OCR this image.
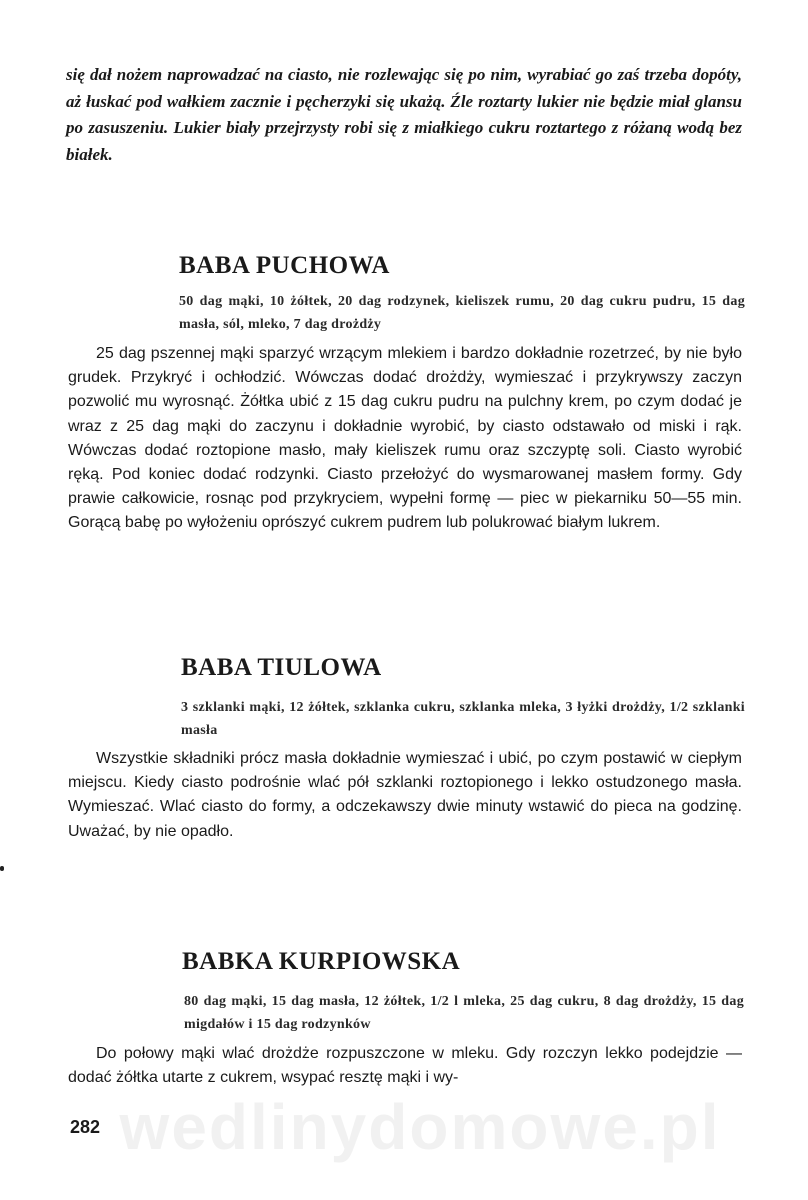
się dał nożem naprowadzać na ciasto, nie rozlewając się po nim, wyrabiać go zaś trzeba dopóty, aż łuskać pod wałkiem zacznie i pęcherzyki się ukażą. Źle roztarty lukier nie będzie miał glansu po zasuszeniu. Lukier biały przejrzysty robi się z miałkiego cukru roztartego z różaną wodą bez białek.
BABA PUCHOWA
50 dag mąki, 10 żółtek, 20 dag rodzynek, kieliszek rumu, 20 dag cukru pudru, 15 dag masła, sól, mleko, 7 dag drożdży

25 dag pszennej mąki sparzyć wrzącym mlekiem i bardzo dokładnie rozetrzeć, by nie było grudek. Przykryć i ochłodzić. Wówczas dodać drożdży, wymieszać i przykrywszy zaczyn pozwolić mu wyrosnąć. Żółtka ubić z 15 dag cukru pudru na pulchny krem, po czym dodać je wraz z 25 dag mąki do zaczynu i dokładnie wyrobić, by ciasto odstawało od miski i rąk. Wówczas dodać roztopione masło, mały kieliszek rumu oraz szczyptę soli. Ciasto wyrobić ręką. Pod koniec dodać rodzynki. Ciasto przełożyć do wysmarowanej masłem formy. Gdy prawie całkowicie, rosnąc pod przykryciem, wypełni formę — piec w piekarniku 50—55 min. Gorącą babę po wyłożeniu oprószyć cukrem pudrem lub polukrować białym lukrem.

BABA TIULOWA
3 szklanki mąki, 12 żółtek, szklanka cukru, szklanka mleka, 3 łyżki drożdży, 1/2 szklanki masła

Wszystkie składniki prócz masła dokładnie wymieszać i ubić, po czym postawić w ciepłym miejscu. Kiedy ciasto podrośnie wlać pół szklanki roztopionego i lekko ostudzonego masła. Wymieszać. Wlać ciasto do formy, a odczekawszy dwie minuty wstawić do pieca na godzinę. Uważać, by nie opadło.

BABKA KURPIOWSKA
80 dag mąki, 15 dag masła, 12 żółtek, 1/2 l mleka, 25 dag cukru, 8 dag drożdży, 15 dag migdałów i 15 dag rodzynków

Do połowy mąki wlać drożdże rozpuszczone w mleku. Gdy rozczyn lekko podejdzie — dodać żółtka utarte z cukrem, wsypać resztę mąki i wy-

wedlinydomowe.pl
282
